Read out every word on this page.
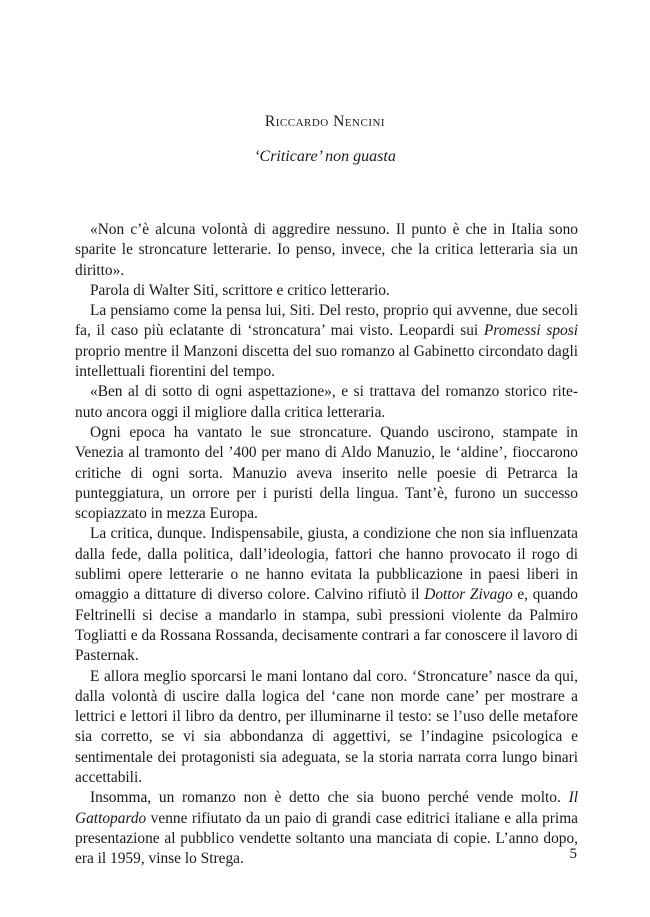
Riccardo Nencini
‘Criticare’ non guasta

«Non c’è alcuna volontà di aggredire nessuno. Il punto è che in Italia sono sparite le stroncature letterarie. Io penso, invece, che la critica letteraria sia un diritto».

Parola di Walter Siti, scrittore e critico letterario.

La pensiamo come la pensa lui, Siti. Del resto, proprio qui avvenne, due secoli fa, il caso più eclatante di ‘stroncatura’ mai visto. Leopardi sui Promessi sposi proprio mentre il Manzoni discetta del suo romanzo al Gabinetto circondato dagli intellettuali fiorentini del tempo.

«Ben al di sotto di ogni aspettazione», e si trattava del romanzo storico ritenuto ancora oggi il migliore dalla critica letteraria.

Ogni epoca ha vantato le sue stroncature. Quando uscirono, stampate in Venezia al tramonto del ’400 per mano di Aldo Manuzio, le ‘aldine’, fioccarono critiche di ogni sorta. Manuzio aveva inserito nelle poesie di Petrarca la punteggiatura, un orrore per i puristi della lingua. Tant’è, furono un successo scopiazzato in mezza Europa.

La critica, dunque. Indispensabile, giusta, a condizione che non sia influenzata dalla fede, dalla politica, dall’ideologia, fattori che hanno provocato il rogo di sublimi opere letterarie o ne hanno evitata la pubblicazione in paesi liberi in omaggio a dittature di diverso colore. Calvino rifiutò il Dottor Zivago e, quando Feltrinelli si decise a mandarlo in stampa, subì pressioni violente da Palmiro Togliatti e da Rossana Rossanda, decisamente contrari a far conoscere il lavoro di Pasternak.

E allora meglio sporcarsi le mani lontano dal coro. ‘Stroncature’ nasce da qui, dalla volontà di uscire dalla logica del ‘cane non morde cane’ per mostrare a lettrici e lettori il libro da dentro, per illuminarne il testo: se l’uso delle metafore sia corretto, se vi sia abbondanza di aggettivi, se l’indagine psicologica e sentimentale dei protagonisti sia adeguata, se la storia narrata corra lungo binari accettabili.

Insomma, un romanzo non è detto che sia buono perché vende molto. Il Gattopardo venne rifiutato da un paio di grandi case editrici italiane e alla prima presentazione al pubblico vendette soltanto una manciata di copie. L’anno dopo, era il 1959, vinse lo Strega.	5
